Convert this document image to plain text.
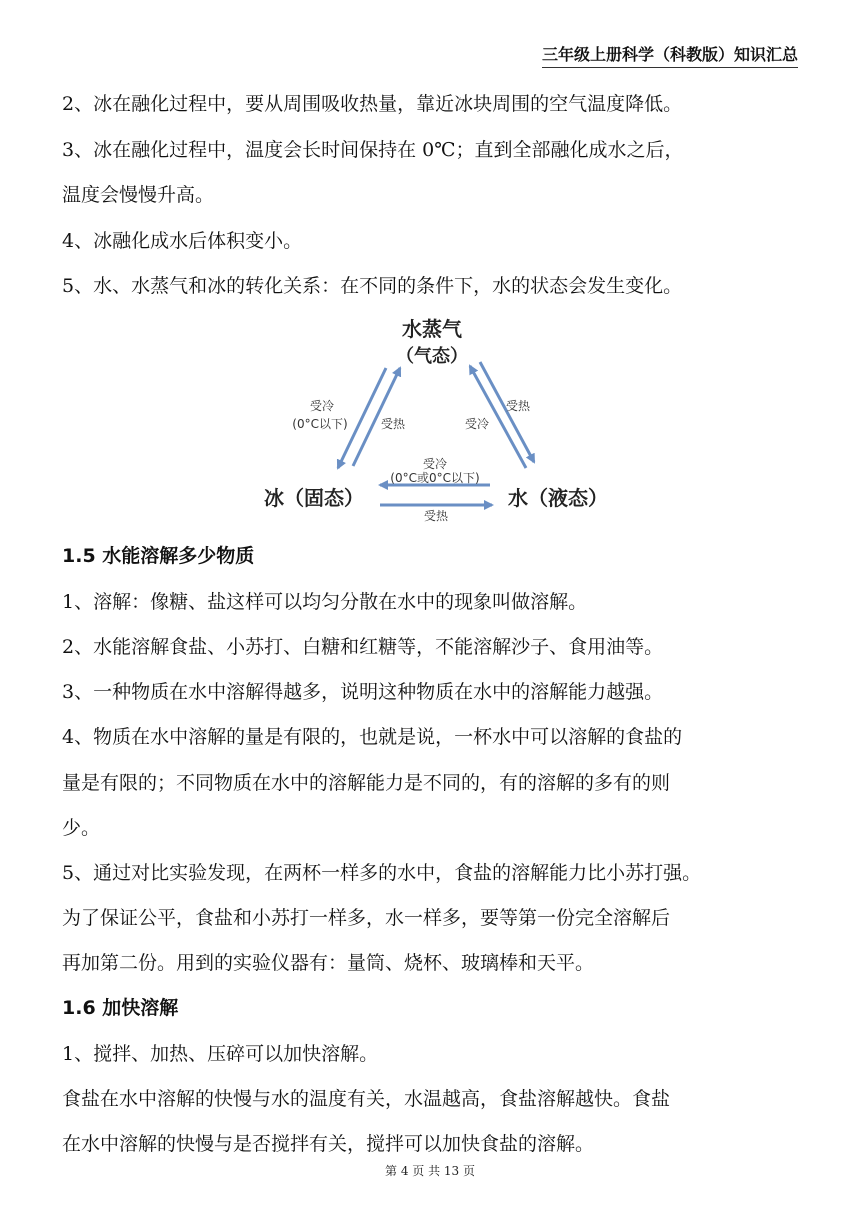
三年级上册科学（科教版）知识汇总
2、冰在融化过程中，要从周围吸收热量，靠近冰块周围的空气温度降低。
3、冰在融化过程中，温度会长时间保持在 0℃；直到全部融化成水之后，
温度会慢慢升高。
4、冰融化成水后体积变小。
5、水、水蒸气和冰的转化关系：在不同的条件下，水的状态会发生变化。
水蒸气
（气态）
冰（固态）	水（液态）
受冷
(0°C以下)	受热
受热
受冷
受冷
(0°C或0°C以下)
受热
1.5 水能溶解多少物质
1、溶解：像糖、盐这样可以均匀分散在水中的现象叫做溶解。
2、水能溶解食盐、小苏打、白糖和红糖等，不能溶解沙子、食用油等。
3、一种物质在水中溶解得越多，说明这种物质在水中的溶解能力越强。
4、物质在水中溶解的量是有限的，也就是说，一杯水中可以溶解的食盐的
量是有限的；不同物质在水中的溶解能力是不同的，有的溶解的多有的则
少。
5、通过对比实验发现，在两杯一样多的水中，食盐的溶解能力比小苏打强。
为了保证公平，食盐和小苏打一样多，水一样多，要等第一份完全溶解后
再加第二份。用到的实验仪器有：量筒、烧杯、玻璃棒和天平。
1.6 加快溶解
1、搅拌、加热、压碎可以加快溶解。
食盐在水中溶解的快慢与水的温度有关，水温越高，食盐溶解越快。食盐
在水中溶解的快慢与是否搅拌有关，搅拌可以加快食盐的溶解。
第 4 页 共 13 页
